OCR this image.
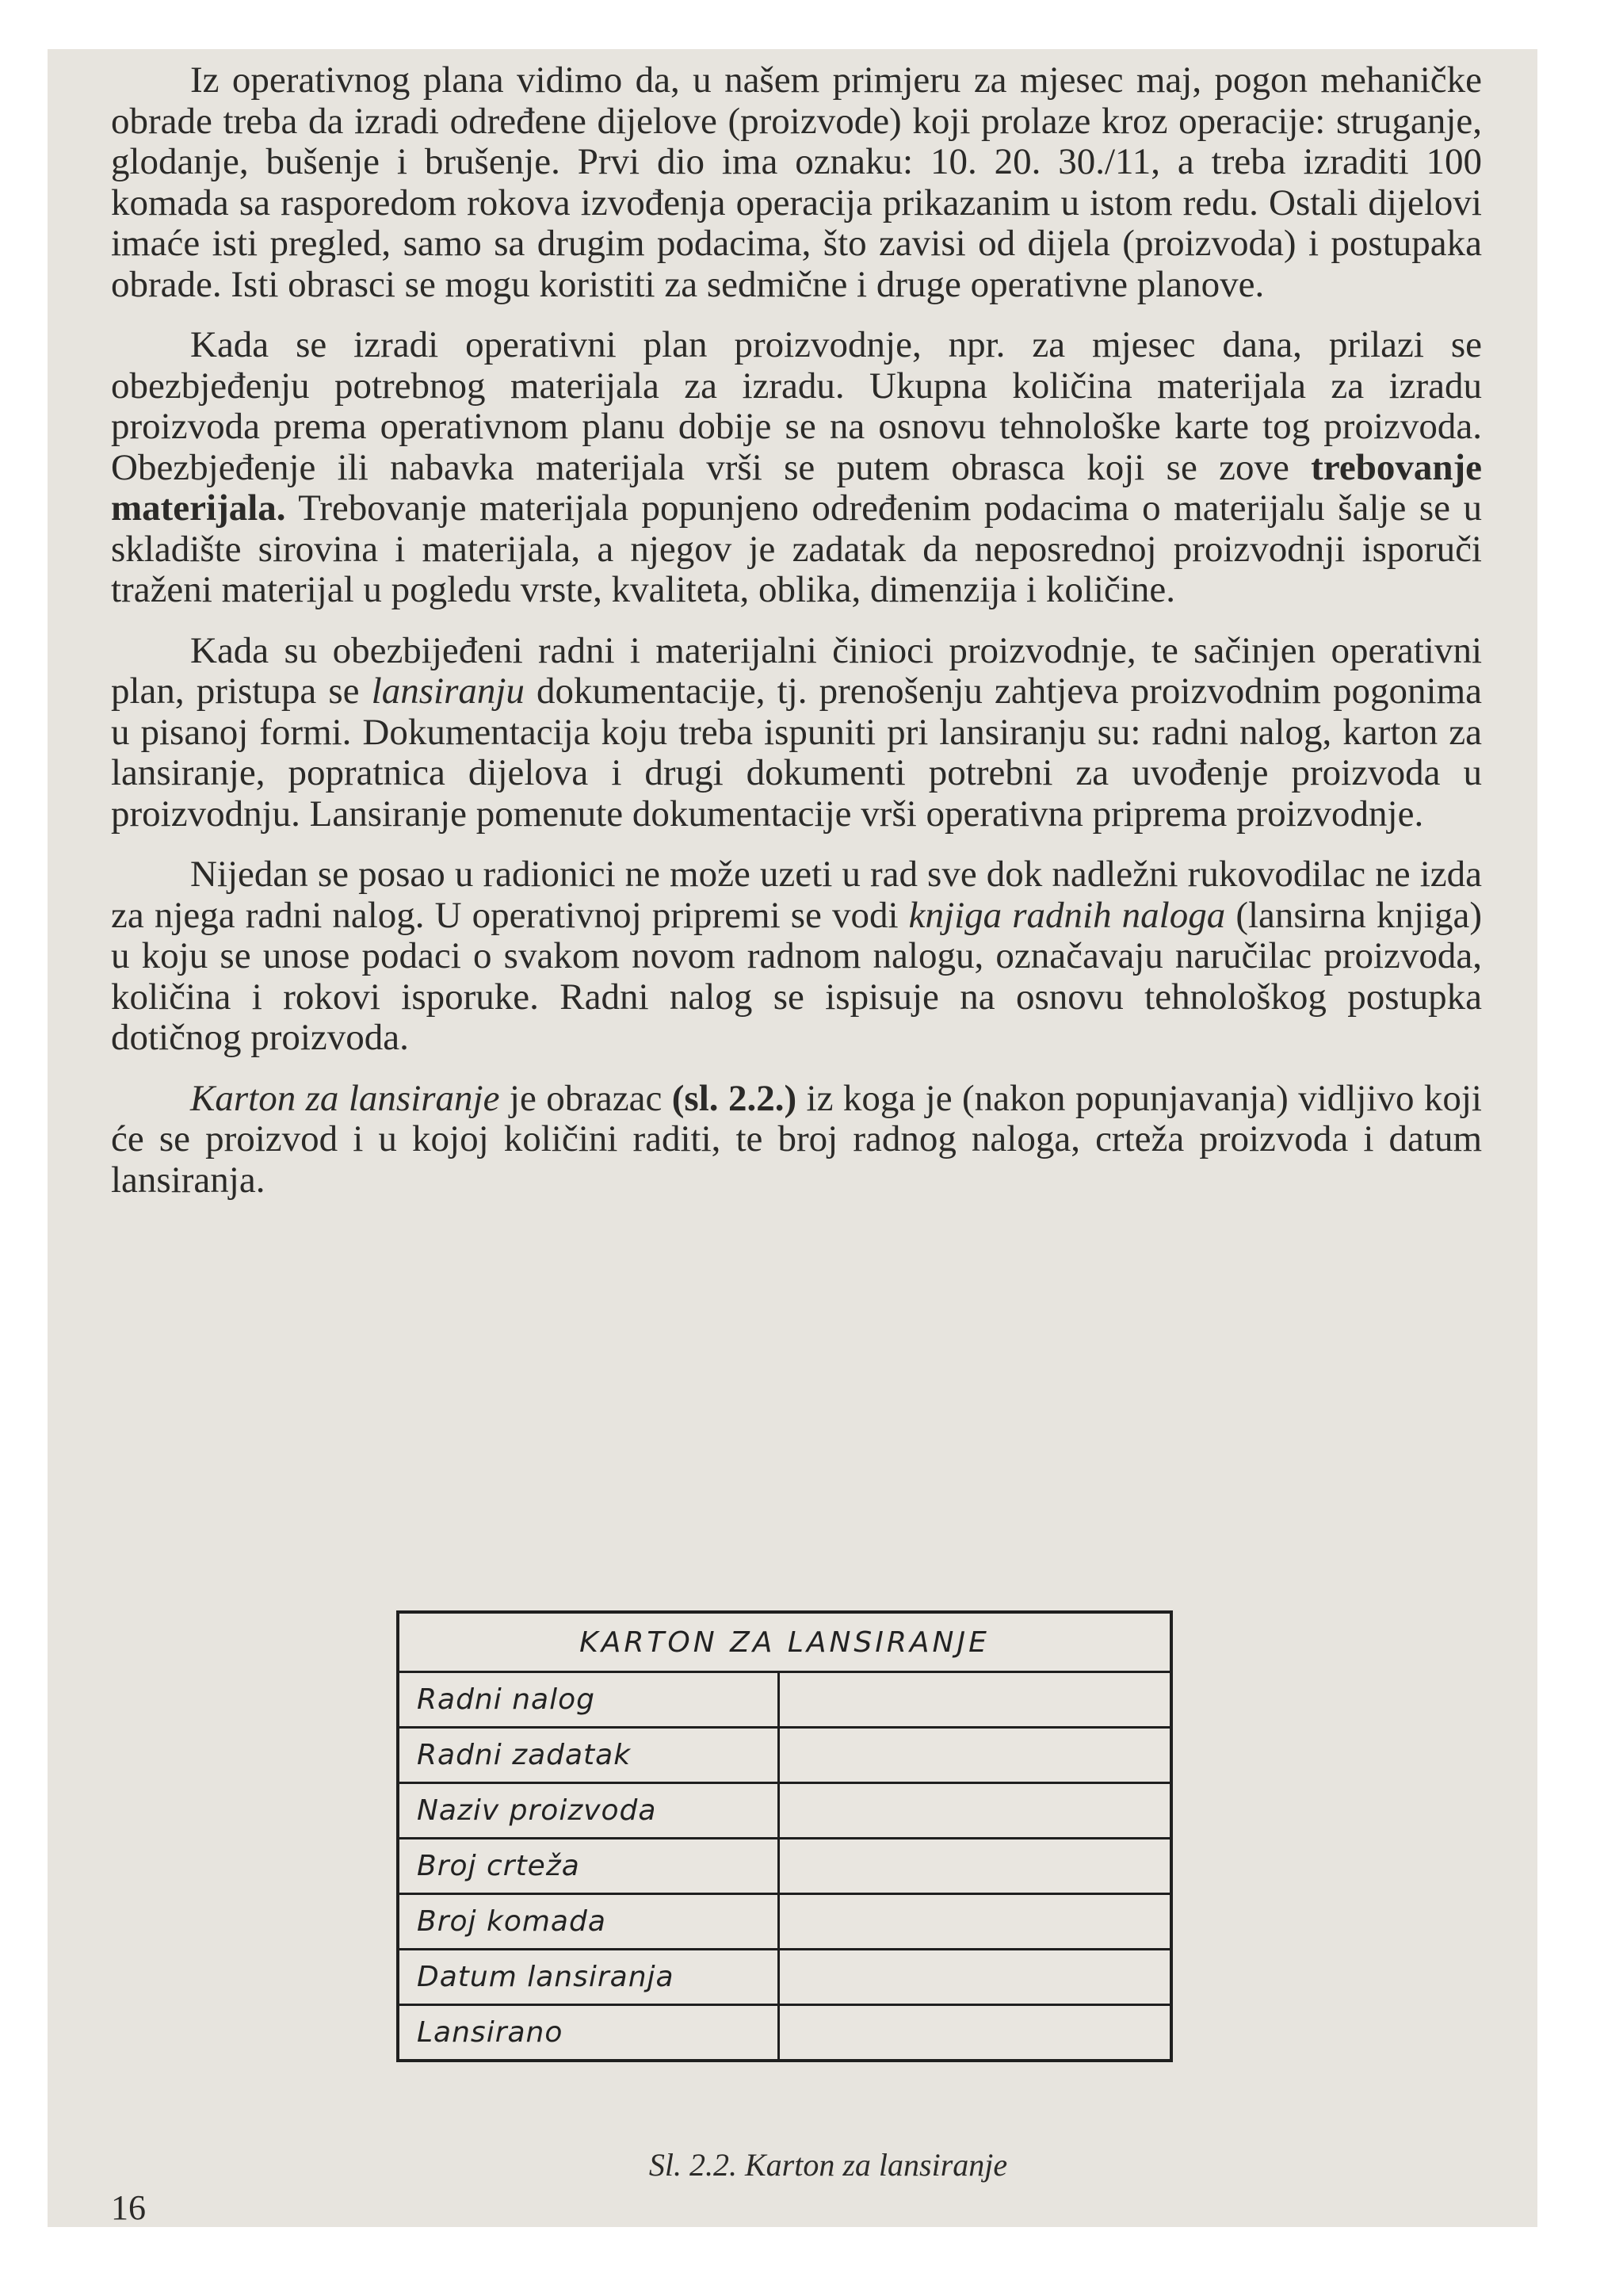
Iz operativnog plana vidimo da, u našem primjeru za mjesec maj, pogon mehaničke obrade treba da izradi određene dijelove (proizvode) koji prolaze kroz operacije: struganje, glodanje, bušenje i brušenje. Prvi dio ima oznaku: 10. 20. 30./11, a treba izraditi 100 komada sa rasporedom rokova izvođenja operacija prikazanim u istom redu. Ostali dijelovi imaće isti pregled, samo sa drugim podacima, što zavisi od dijela (proizvoda) i postupaka obrade. Isti obrasci se mogu koristiti za sedmične i druge operativne planove.

Kada se izradi operativni plan proizvodnje, npr. za mjesec dana, prilazi se obezbjeđenju potrebnog materijala za izradu. Ukupna količina materijala za izradu proizvoda prema operativnom planu dobije se na osnovu tehnološke karte tog proizvoda. Obezbjeđenje ili nabavka materijala vrši se putem obrasca koji se zove trebovanje materijala. Trebovanje materijala popunjeno određenim podacima o materijalu šalje se u skladište sirovina i materijala, a njegov je zadatak da neposrednoj proizvodnji isporuči traženi materijal u pogledu vrste, kvaliteta, oblika, dimenzija i količine.

Kada su obezbijeđeni radni i materijalni činioci proizvodnje, te sačinjen operativni plan, pristupa se lansiranju dokumentacije, tj. prenošenju zahtjeva proizvodnim pogonima u pisanoj formi. Dokumentacija koju treba ispuniti pri lansiranju su: radni nalog, karton za lansiranje, popratnica dijelova i drugi dokumenti potrebni za uvođenje proizvoda u proizvodnju. Lansiranje pomenute dokumentacije vrši operativna priprema proizvodnje.

Nijedan se posao u radionici ne može uzeti u rad sve dok nadležni rukovodilac ne izda za njega radni nalog. U operativnoj pripremi se vodi knjiga radnih naloga (lansirna knjiga) u koju se unose podaci o svakom novom radnom nalogu, označavaju naručilac proizvoda, količina i rokovi isporuke. Radni nalog se ispisuje na osnovu tehnološkog postupka dotičnog proizvoda.

Karton za lansiranje je obrazac (sl. 2.2.) iz koga je (nakon popunjavanja) vidljivo koji će se proizvod i u kojoj količini raditi, te broj radnog naloga, crteža proizvoda i datum lansiranja.

KARTON ZA LANSIRANJE	
Radni nalog	
Radni zadatak	
Naziv proizvoda	
Broj crteža	
Broj komada	
Datum lansiranja	
Lansirano	
Sl. 2.2. Karton za lansiranje
16
